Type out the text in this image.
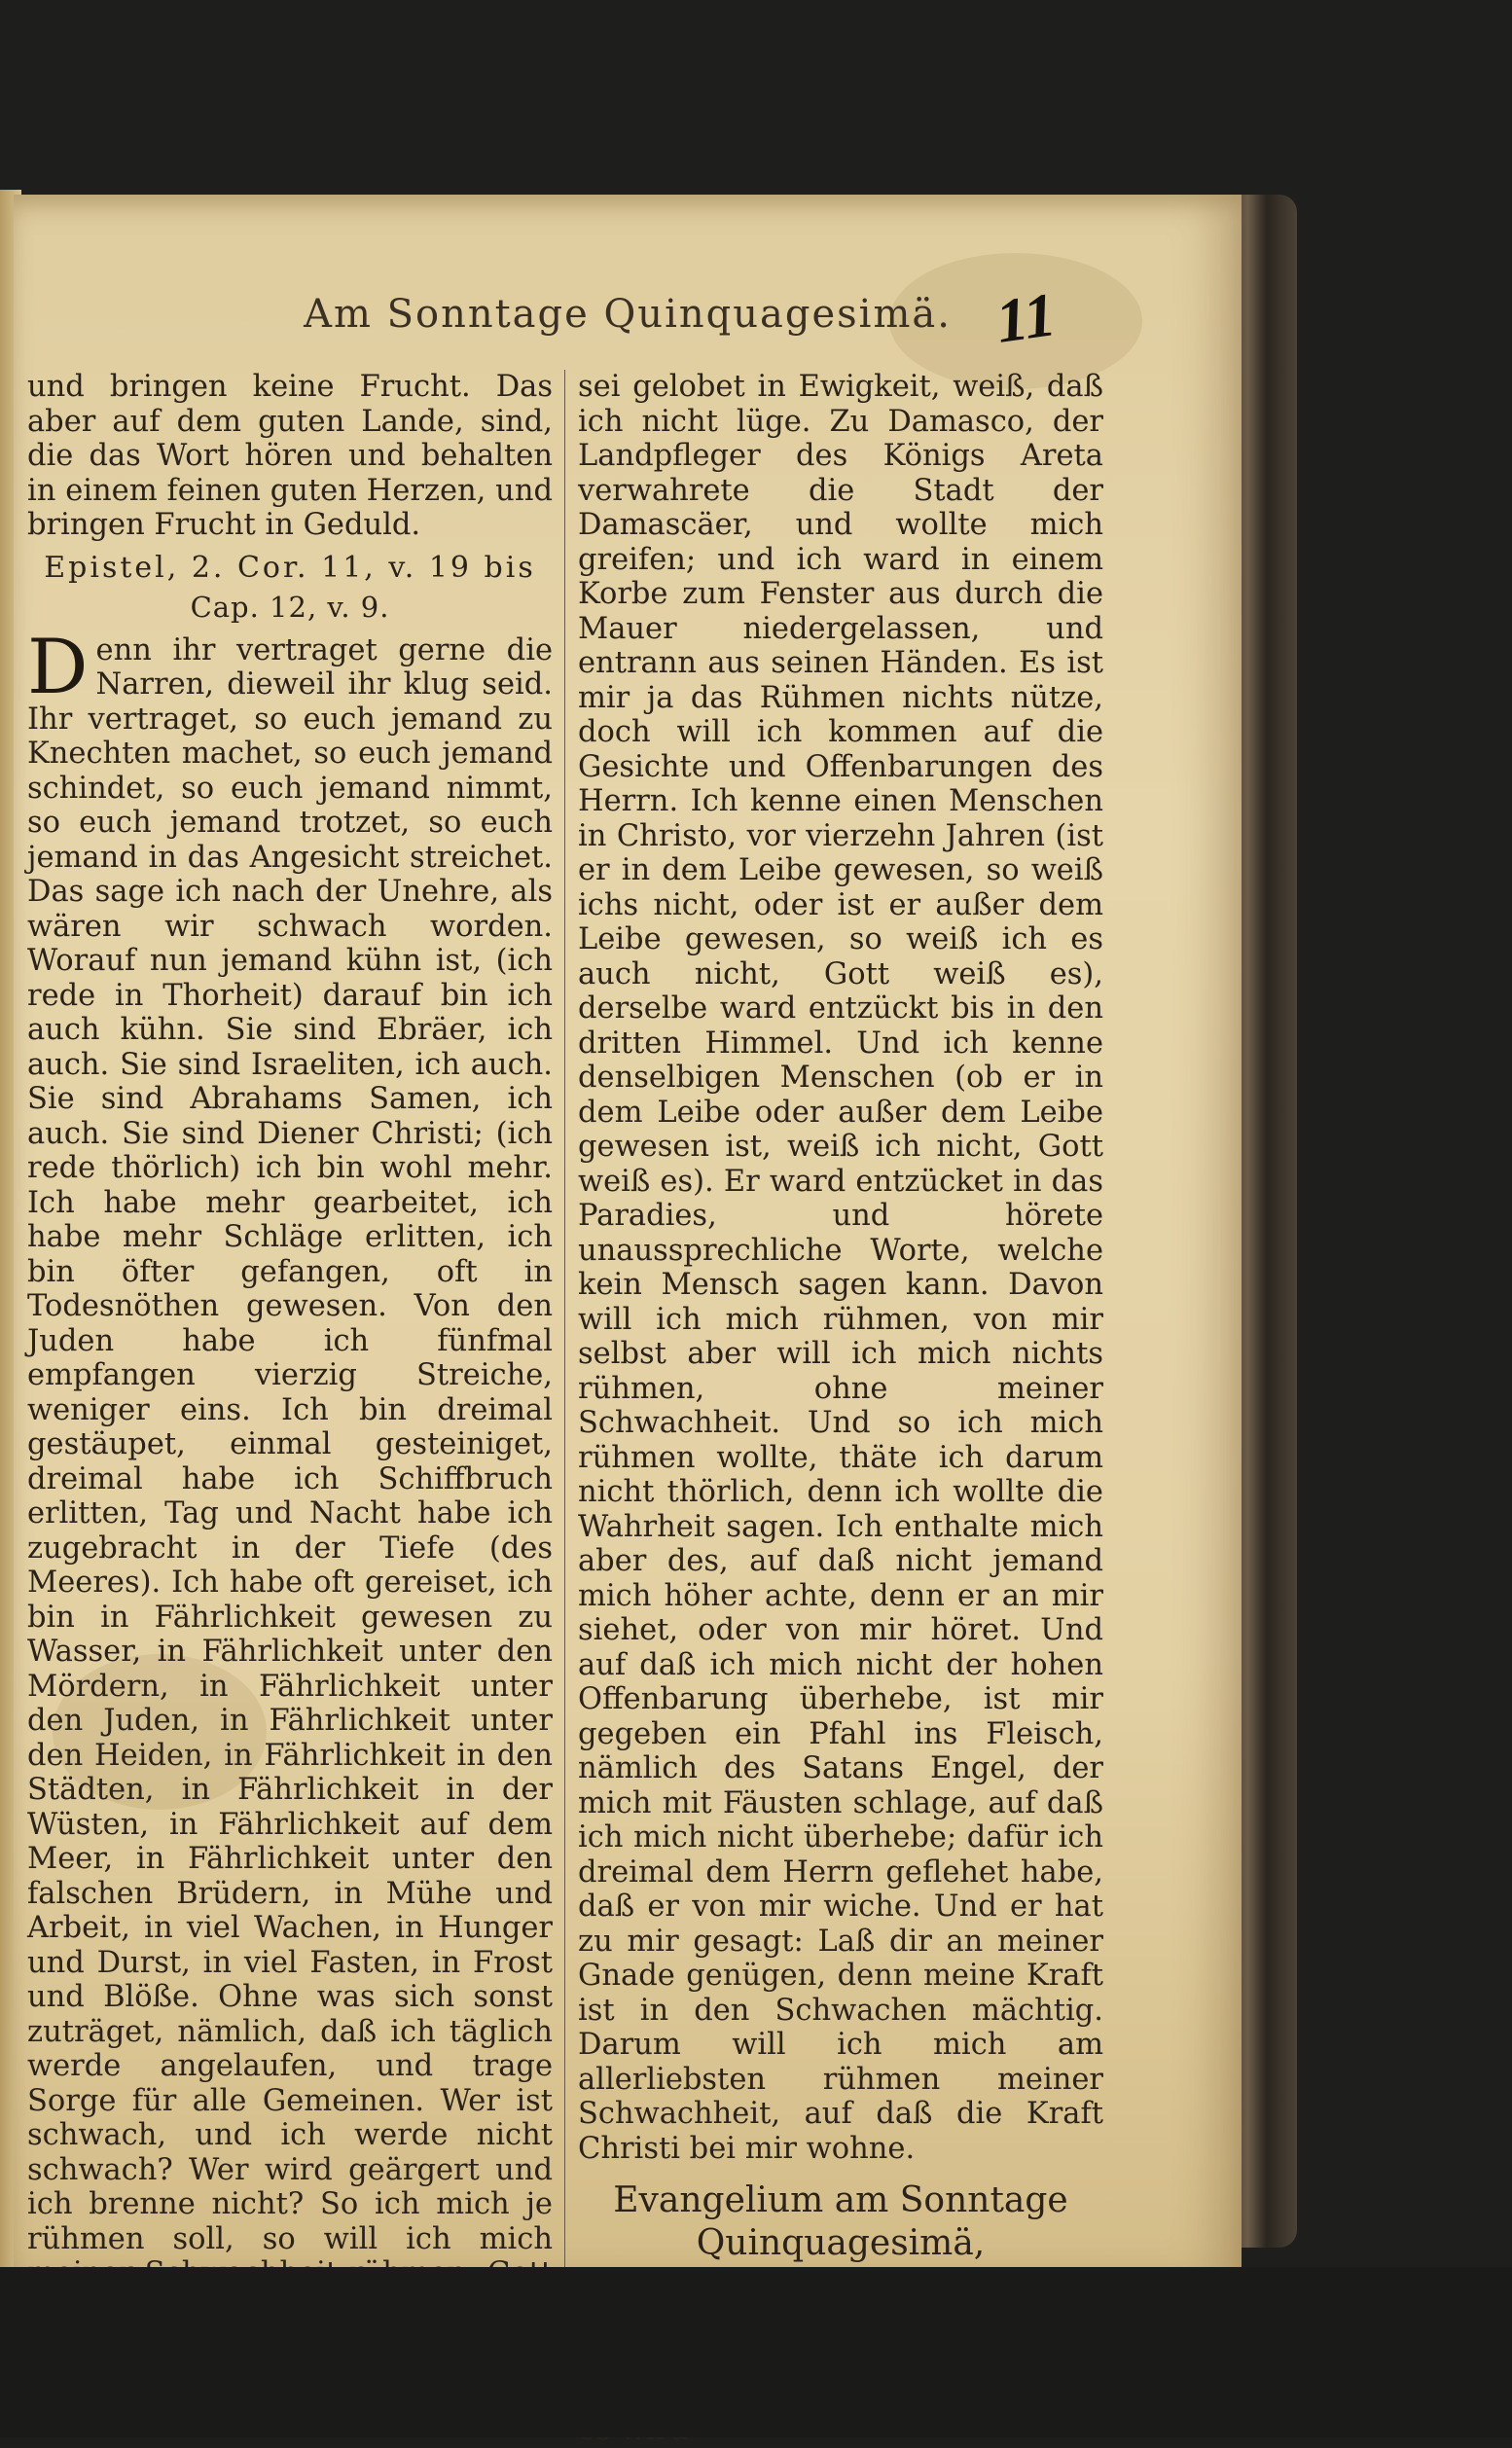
Am Sonntage Quinquagesimä. 11

und bringen keine Frucht. Das aber auf dem guten Lande, sind, die das Wort hören und behalten in einem feinen guten Herzen, und bringen Frucht in Geduld.

Epistel, 2. Cor. 11, v. 19 bis
Cap. 12, v. 9.

Denn ihr vertraget gerne die Narren, dieweil ihr klug seid. Ihr vertraget, so euch jemand zu Knechten machet, so euch jemand schindet, so euch jemand nimmt, so euch jemand trotzet, so euch jemand in das Angesicht streichet. Das sage ich nach der Unehre, als wären wir schwach worden. Worauf nun jemand kühn ist, (ich rede in Thorheit) darauf bin ich auch kühn. Sie sind Ebräer, ich auch. Sie sind Israeliten, ich auch. Sie sind Abrahams Samen, ich auch. Sie sind Diener Christi; (ich rede thörlich) ich bin wohl mehr. Ich habe mehr gearbeitet, ich habe mehr Schläge erlitten, ich bin öfter gefangen, oft in Todesnöthen gewesen. Von den Juden habe ich fünfmal empfangen vierzig Streiche, weniger eins. Ich bin dreimal gestäupet, einmal gesteiniget, dreimal habe ich Schiffbruch erlitten, Tag und Nacht habe ich zugebracht in der Tiefe (des Meeres). Ich habe oft gereiset, ich bin in Fährlichkeit gewesen zu Wasser, in Fährlichkeit unter den Mördern, in Fährlichkeit unter den Juden, in Fährlichkeit unter den Heiden, in Fährlichkeit in den Städten, in Fährlichkeit in der Wüsten, in Fährlichkeit auf dem Meer, in Fährlichkeit unter den falschen Brüdern, in Mühe und Arbeit, in viel Wachen, in Hunger und Durst, in viel Fasten, in Frost und Blöße. Ohne was sich sonst zuträget, nämlich, daß ich täglich werde angelaufen, und trage Sorge für alle Gemeinen. Wer ist schwach, und ich werde nicht schwach? Wer wird geärgert und ich brenne nicht? So ich mich je rühmen soll, so will ich mich

sei gelobet in Ewigkeit, weiß, daß ich nicht lüge. Zu Damasco, der Landpfleger des Königs Areta verwahrete die Stadt der Damascäer, und wollte mich greifen; und ich ward in einem Korbe zum Fenster aus durch die Mauer niedergelassen, und entrann aus seinen Händen. Es ist mir ja das Rühmen nichts nütze, doch will ich kommen auf die Gesichte und Offenbarungen des Herrn. Ich kenne einen Menschen in Christo, vor vierzehn Jahren (ist er in dem Leibe gewesen, so weiß ichs nicht, oder ist er außer dem Leibe gewesen, so weiß ich es auch nicht, Gott weiß es), derselbe ward entzückt bis in den dritten Himmel. Und ich kenne denselbigen Menschen (ob er in dem Leibe oder außer dem Leibe gewesen ist, weiß ich nicht, Gott weiß es). Er ward entzücket in das Paradies, und hörete unaussprechliche Worte, welche kein Mensch sagen kann. Davon will ich mich rühmen, von mir selbst aber will ich mich nichts rühmen, ohne meiner Schwachheit. Und so ich mich rühmen wollte, thäte ich darum nicht thörlich, denn ich wollte die Wahrheit sagen. Ich enthalte mich aber des, auf daß nicht jemand mich höher achte, denn er an mir siehet, oder von mir höret. Und auf daß ich mich nicht der hohen Offenbarung überhebe, ist mir gegeben ein Pfahl ins Fleisch, nämlich des Satans Engel, der mich mit Fäusten schlage, auf daß ich mich nicht überhebe; dafür ich dreimal dem Herrn geflehet habe, daß er von mir wiche. Und er hat zu mir gesagt: Laß dir an meiner Gnade genügen, denn meine Kraft ist in den Schwachen mächtig. Darum will ich mich am allerliebsten rühmen meiner Schwachheit, auf daß die Kraft Christi bei mir wohne.

Evangelium am Sonntage
Quinquagesimä,
